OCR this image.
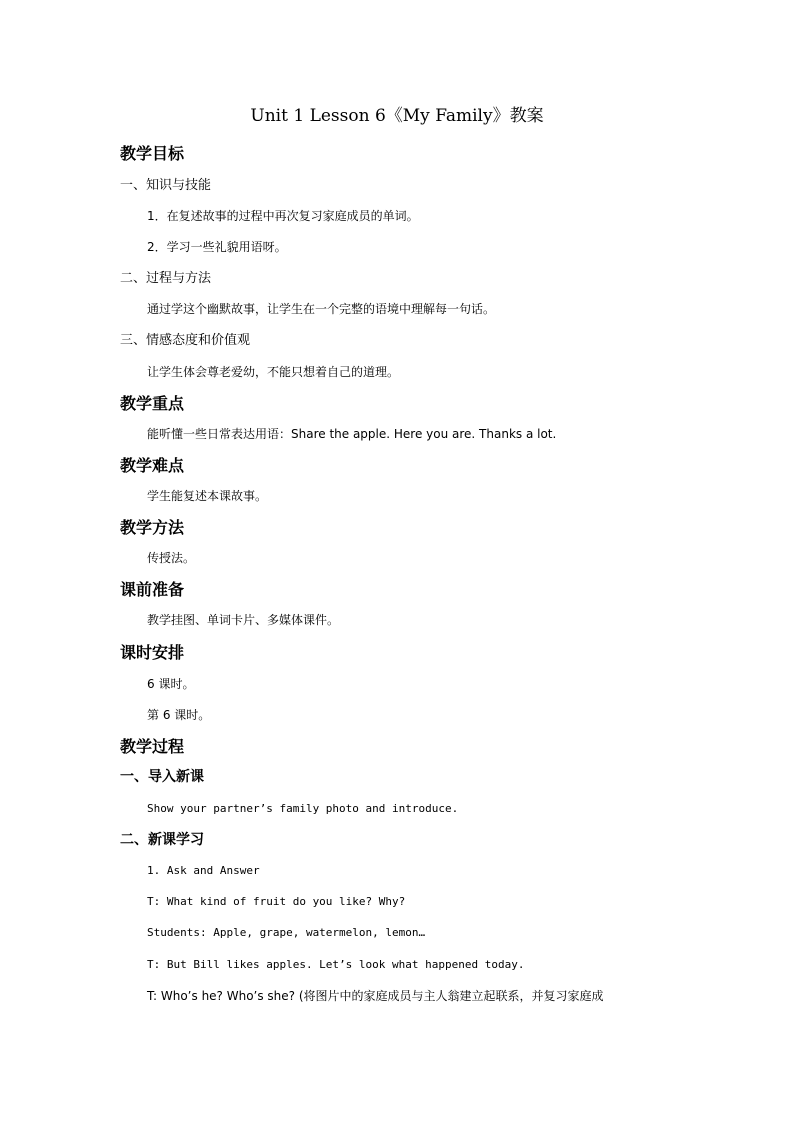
Unit 1 Lesson 6《My Family》教案
教学目标
一、知识与技能
1．在复述故事的过程中再次复习家庭成员的单词。
2．学习一些礼貌用语呀。
二、过程与方法
通过学这个幽默故事，让学生在一个完整的语境中理解每一句话。
三、情感态度和价值观
让学生体会尊老爱幼，不能只想着自己的道理。
教学重点
能听懂一些日常表达用语：Share the apple. Here you are. Thanks a lot.
教学难点
学生能复述本课故事。
教学方法
传授法。
课前准备
教学挂图、单词卡片、多媒体课件。
课时安排
6 课时。
第 6 课时。
教学过程
一、导入新课
Show your partner’s family photo and introduce.
二、新课学习
1. Ask and Answer
T: What kind of fruit do you like? Why?
Students: Apple, grape, watermelon, lemon…
T: But Bill likes apples. Let’s look what happened today.
T: Who’s he? Who’s she? (将图片中的家庭成员与主人翁建立起联系，并复习家庭成
